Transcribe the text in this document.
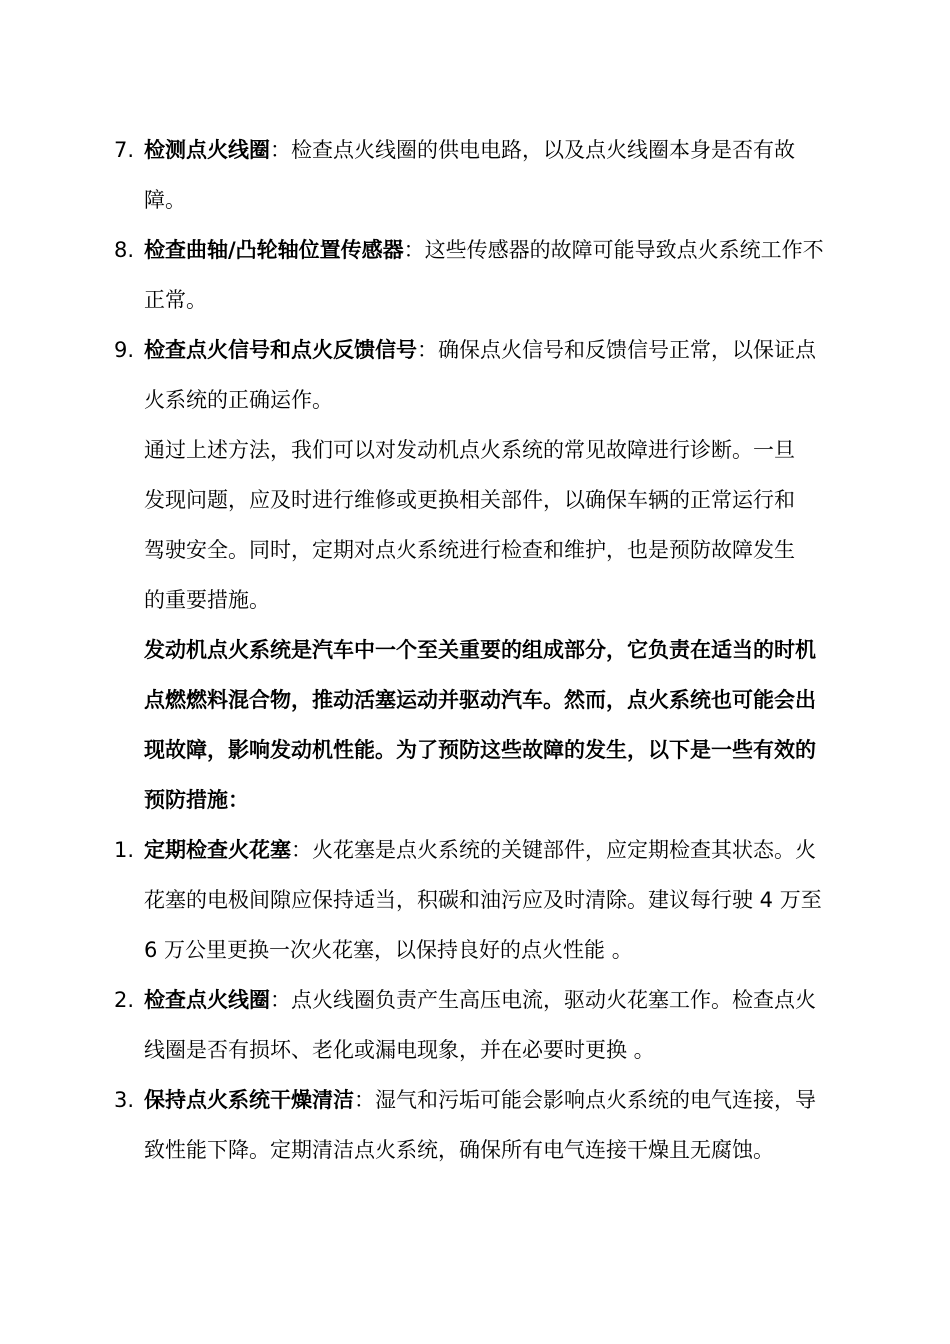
7. 检测点火线圈：检查点火线圈的供电电路，以及点火线圈本身是否有故障。
8. 检查曲轴/凸轮轴位置传感器：这些传感器的故障可能导致点火系统工作不正常。
9. 检查点火信号和点火反馈信号：确保点火信号和反馈信号正常，以保证点火系统的正确运作。
通过上述方法，我们可以对发动机点火系统的常见故障进行诊断。一旦发现问题，应及时进行维修或更换相关部件，以确保车辆的正常运行和驾驶安全。同时，定期对点火系统进行检查和维护，也是预防故障发生的重要措施。
发动机点火系统是汽车中一个至关重要的组成部分，它负责在适当的时机点燃燃料混合物，推动活塞运动并驱动汽车。然而，点火系统也可能会出现故障，影响发动机性能。为了预防这些故障的发生，以下是一些有效的预防措施：
1. 定期检查火花塞：火花塞是点火系统的关键部件，应定期检查其状态。火花塞的电极间隙应保持适当，积碳和油污应及时清除。建议每行驶 4 万至 6 万公里更换一次火花塞，以保持良好的点火性能 。
2. 检查点火线圈：点火线圈负责产生高压电流，驱动火花塞工作。检查点火线圈是否有损坏、老化或漏电现象，并在必要时更换 。
3. 保持点火系统干燥清洁：湿气和污垢可能会影响点火系统的电气连接，导致性能下降。定期清洁点火系统，确保所有电气连接干燥且无腐蚀。
